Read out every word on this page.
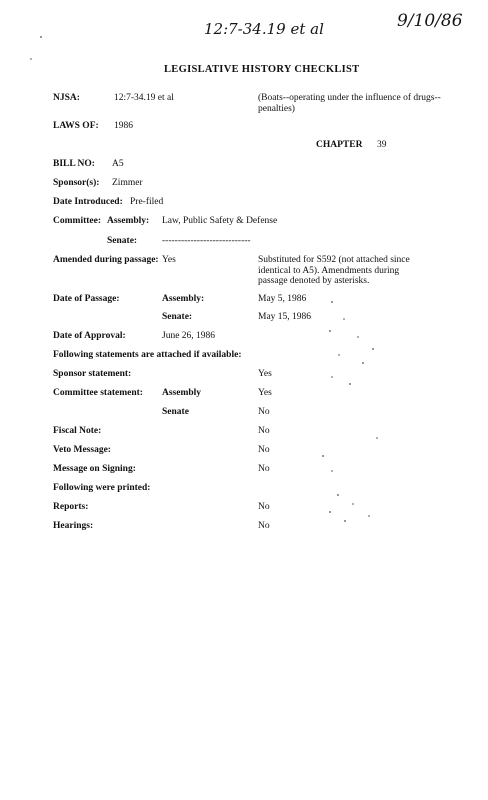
12:7-34.19 et al	9/10/86
LEGISLATIVE HISTORY CHECKLIST
NJSA:	12:7-34.19 et al	(Boats--operating under the influence of drugs--penalties)
LAWS OF: 1986
CHAPTER 39
BILL NO: A5
Sponsor(s): Zimmer
Date Introduced: Pre-filed
Committee: Assembly: Law, Public Safety & Defense
Senate:	----------------------------
Amended during passage: Yes	Substituted for S592 (not attached since identical to A5). Amendments during passage denoted by asterisks.
Date of Passage:	Assembly:	May 5, 1986
Senate:	May 15, 1986
Date of Approval:	June 26, 1986
Following statements are attached if available:
Sponsor statement:	Yes
Committee statement: Assembly	Yes
Senate	No
Fiscal Note:	No
Veto Message:	No
Message on Signing:	No
Following were printed:
Reports:	No
Hearings:	No
